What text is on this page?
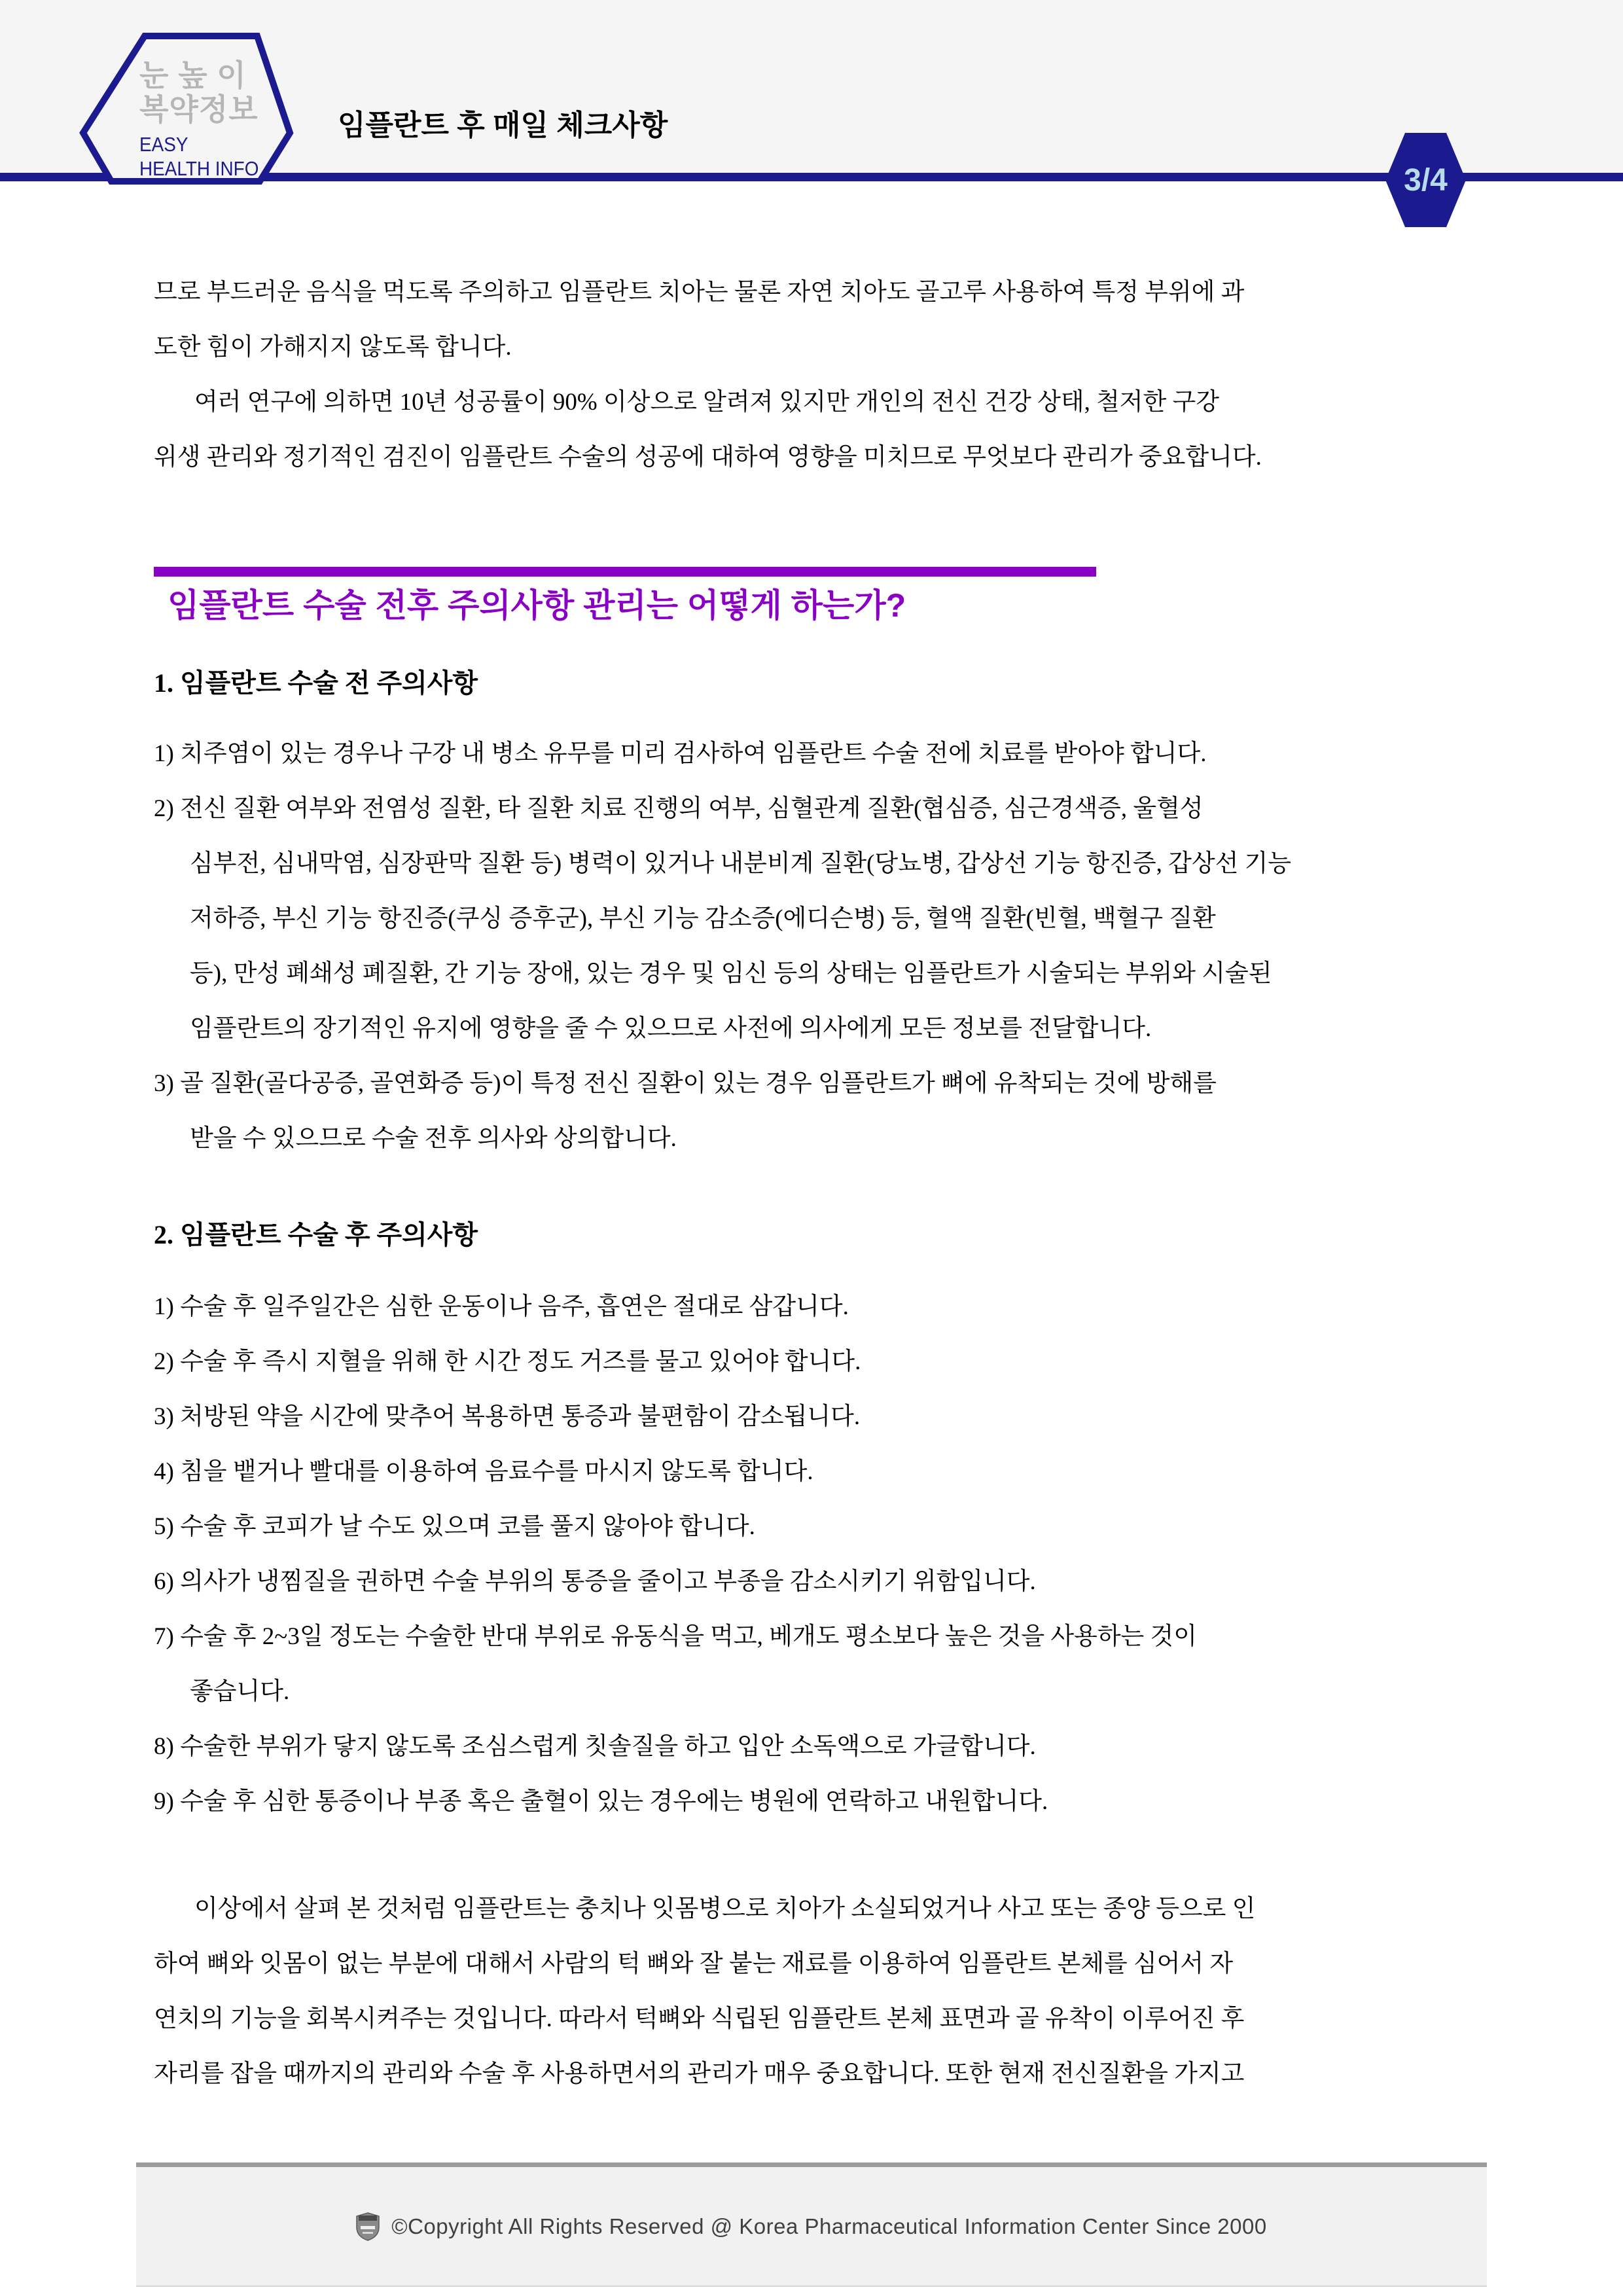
눈 높 이
복약정보
EASY
HEALTH INFO
임플란트 후 매일 체크사항
3/4
므로 부드러운 음식을 먹도록 주의하고 임플란트 치아는 물론 자연 치아도 골고루 사용하여 특정 부위에 과
도한 힘이 가해지지 않도록 합니다.
여러 연구에 의하면 10년 성공률이 90% 이상으로 알려져 있지만 개인의 전신 건강 상태, 철저한 구강
위생 관리와 정기적인 검진이 임플란트 수술의 성공에 대하여 영향을 미치므로 무엇보다 관리가 중요합니다.
임플란트 수술 전후 주의사항 관리는 어떻게 하는가?
1. 임플란트 수술 전 주의사항
1) 치주염이 있는 경우나 구강 내 병소 유무를 미리 검사하여 임플란트 수술 전에 치료를 받아야 합니다.
2) 전신 질환 여부와 전염성 질환, 타 질환 치료 진행의 여부, 심혈관계 질환(협심증, 심근경색증, 울혈성
심부전, 심내막염, 심장판막 질환 등) 병력이 있거나 내분비계 질환(당뇨병, 갑상선 기능 항진증, 갑상선 기능
저하증, 부신 기능 항진증(쿠싱 증후군), 부신 기능 감소증(에디슨병) 등, 혈액 질환(빈혈, 백혈구 질환
등), 만성 폐쇄성 폐질환, 간 기능 장애, 있는 경우 및 임신 등의 상태는 임플란트가 시술되는 부위와 시술된
임플란트의 장기적인 유지에 영향을 줄 수 있으므로 사전에 의사에게 모든 정보를 전달합니다.
3) 골 질환(골다공증, 골연화증 등)이 특정 전신 질환이 있는 경우 임플란트가 뼈에 유착되는 것에 방해를
받을 수 있으므로 수술 전후 의사와 상의합니다.
2. 임플란트 수술 후 주의사항
1) 수술 후 일주일간은 심한 운동이나 음주, 흡연은 절대로 삼갑니다.
2) 수술 후 즉시 지혈을 위해 한 시간 정도 거즈를 물고 있어야 합니다.
3) 처방된 약을 시간에 맞추어 복용하면 통증과 불편함이 감소됩니다.
4) 침을 뱉거나 빨대를 이용하여 음료수를 마시지 않도록 합니다.
5) 수술 후 코피가 날 수도 있으며 코를 풀지 않아야 합니다.
6) 의사가 냉찜질을 권하면 수술 부위의 통증을 줄이고 부종을 감소시키기 위함입니다.
7) 수술 후 2~3일 정도는 수술한 반대 부위로 유동식을 먹고, 베개도 평소보다 높은 것을 사용하는 것이
좋습니다.
8) 수술한 부위가 닿지 않도록 조심스럽게 칫솔질을 하고 입안 소독액으로 가글합니다.
9) 수술 후 심한 통증이나 부종 혹은 출혈이 있는 경우에는 병원에 연락하고 내원합니다.
이상에서 살펴 본 것처럼 임플란트는 충치나 잇몸병으로 치아가 소실되었거나 사고 또는 종양 등으로 인
하여 뼈와 잇몸이 없는 부분에 대해서 사람의 턱 뼈와 잘 붙는 재료를 이용하여 임플란트 본체를 심어서 자
연치의 기능을 회복시켜주는 것입니다. 따라서 턱뼈와 식립된 임플란트 본체 표면과 골 유착이 이루어진 후
자리를 잡을 때까지의 관리와 수술 후 사용하면서의 관리가 매우 중요합니다. 또한 현재 전신질환을 가지고
©Copyright All Rights Reserved @ Korea Pharmaceutical Information Center Since 2000
